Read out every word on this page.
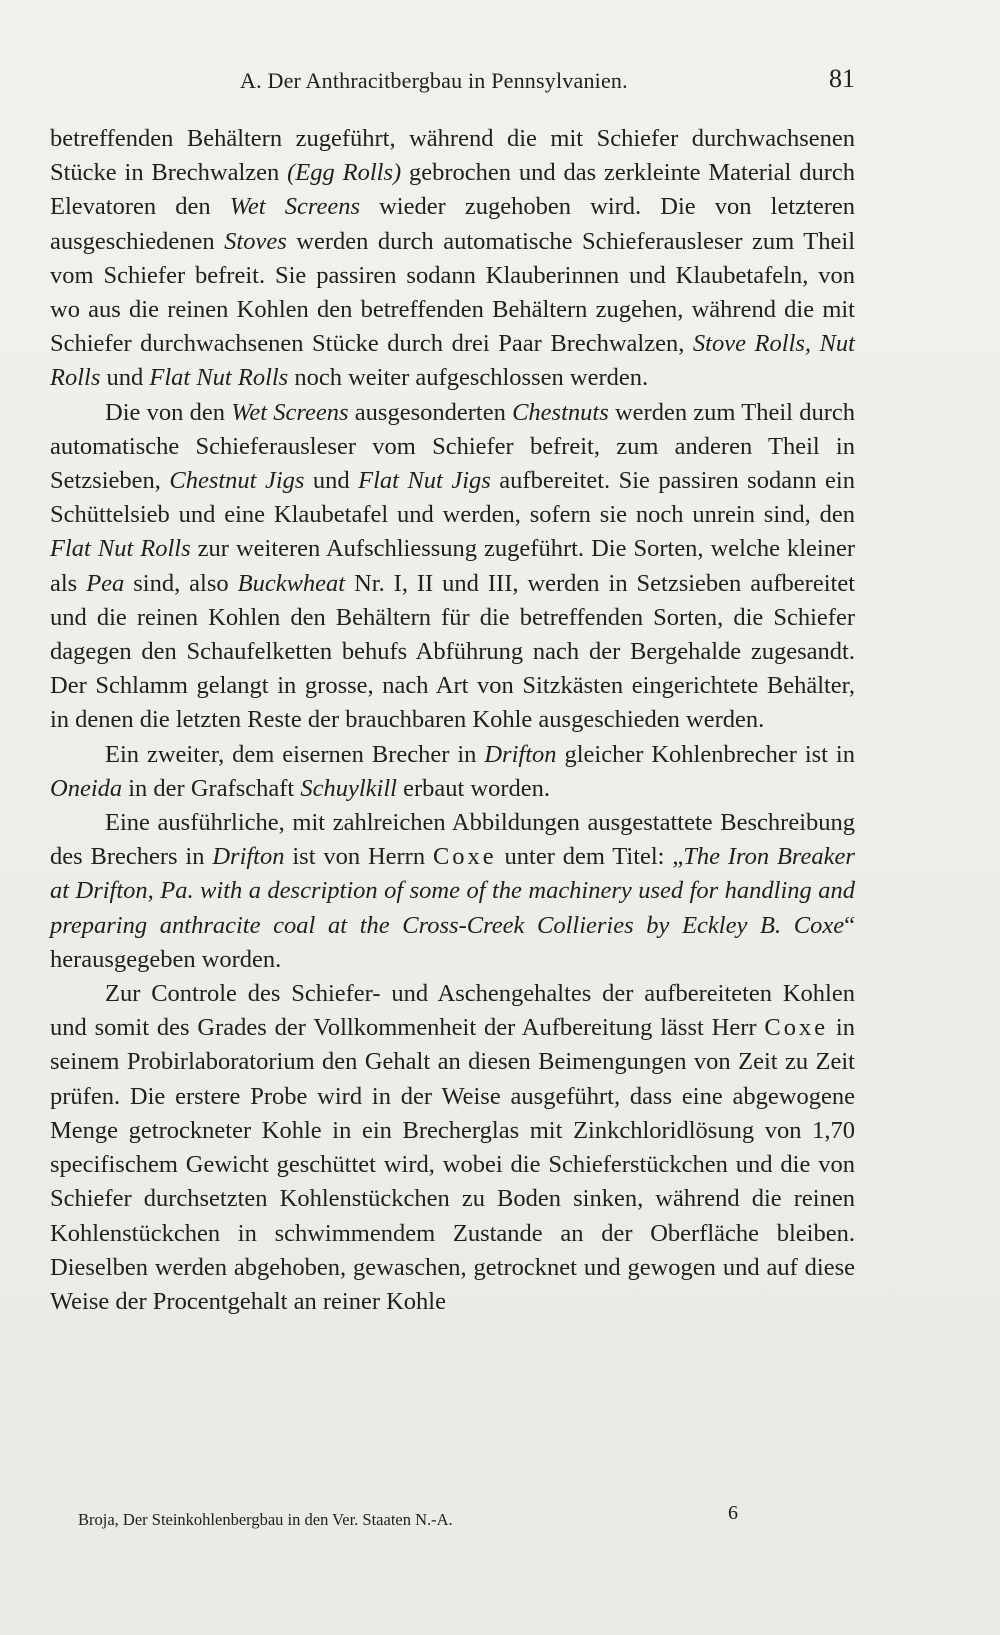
A. Der Anthracitbergbau in Pennsylvanien.	81

betreffenden Behältern zugeführt, während die mit Schiefer durchwachsenen Stücke in Brechwalzen (Egg Rolls) gebrochen und das zerkleinte Material durch Elevatoren den Wet Screens wieder zugehoben wird. Die von letzteren ausgeschiedenen Stoves werden durch automatische Schieferausleser zum Theil vom Schiefer befreit. Sie passiren sodann Klauberinnen und Klaubetafeln, von wo aus die reinen Kohlen den betreffenden Behältern zugehen, während die mit Schiefer durchwachsenen Stücke durch drei Paar Brechwalzen, Stove Rolls, Nut Rolls und Flat Nut Rolls noch weiter aufgeschlossen werden.

Die von den Wet Screens ausgesonderten Chestnuts werden zum Theil durch automatische Schieferausleser vom Schiefer befreit, zum anderen Theil in Setzsieben, Chestnut Jigs und Flat Nut Jigs aufbereitet. Sie passiren sodann ein Schüttelsieb und eine Klaubetafel und werden, sofern sie noch unrein sind, den Flat Nut Rolls zur weiteren Aufschliessung zugeführt. Die Sorten, welche kleiner als Pea sind, also Buckwheat Nr. I, II und III, werden in Setzsieben aufbereitet und die reinen Kohlen den Behältern für die betreffenden Sorten, die Schiefer dagegen den Schaufelketten behufs Abführung nach der Bergehalde zugesandt. Der Schlamm gelangt in grosse, nach Art von Sitzkästen eingerichtete Behälter, in denen die letzten Reste der brauchbaren Kohle ausgeschieden werden.

Ein zweiter, dem eisernen Brecher in Drifton gleicher Kohlenbrecher ist in Oneida in der Grafschaft Schuylkill erbaut worden.

Eine ausführliche, mit zahlreichen Abbildungen ausgestattete Beschreibung des Brechers in Drifton ist von Herrn Coxe unter dem Titel: „The Iron Breaker at Drifton, Pa. with a description of some of the machinery used for handling and preparing anthracite coal at the Cross-Creek Collieries by Eckley B. Coxe“ herausgegeben worden.

Zur Controle des Schiefer- und Aschengehaltes der aufbereiteten Kohlen und somit des Grades der Vollkommenheit der Aufbereitung lässt Herr Coxe in seinem Probirlaboratorium den Gehalt an diesen Beimengungen von Zeit zu Zeit prüfen. Die erstere Probe wird in der Weise ausgeführt, dass eine abgewogene Menge getrockneter Kohle in ein Brecherglas mit Zinkchloridlösung von 1,70 specifischem Gewicht geschüttet wird, wobei die Schieferstückchen und die von Schiefer durchsetzten Kohlenstückchen zu Boden sinken, während die reinen Kohlenstückchen in schwimmendem Zustande an der Oberfläche bleiben. Dieselben werden abgehoben, gewaschen, getrocknet und gewogen und auf diese Weise der Procentgehalt an reiner Kohle

Broja, Der Steinkohlenbergbau in den Ver. Staaten N.-A.	6
